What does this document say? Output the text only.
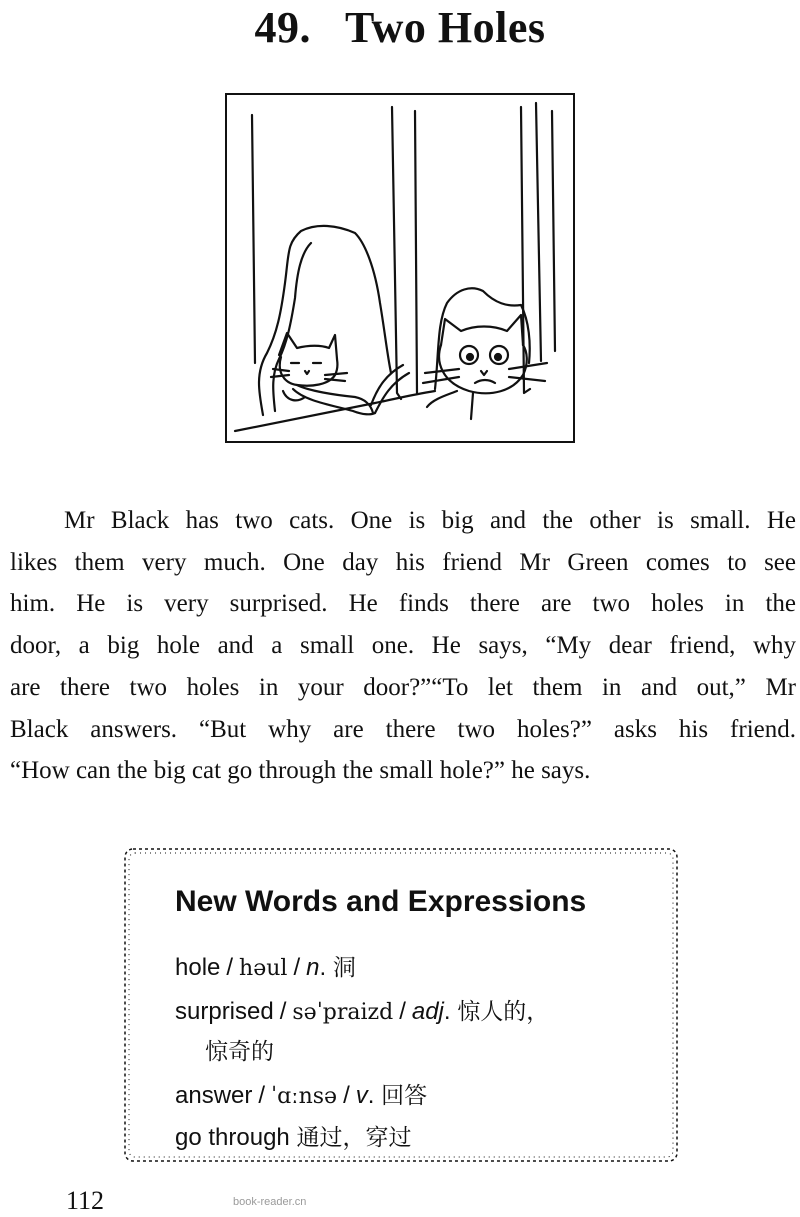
49. Two Holes
Mr Black has two cats. One is big and the other is small. He
likes them very much. One day his friend Mr Green comes to see
him. He is very surprised. He finds there are two holes in the
door, a big hole and a small one. He says, “My dear friend, why
are there two holes in your door?”“To let them in and out,” Mr
Black answers. “But why are there two holes?” asks his friend.
“How can the big cat go through the small hole?” he says.
New Words and Expressions
hole / həul / n. 洞
surprised / səˈpraizd / adj. 惊人的，
惊奇的
answer / ˈɑːnsə / v. 回答
go through 通过，穿过
112	book-reader.cn
